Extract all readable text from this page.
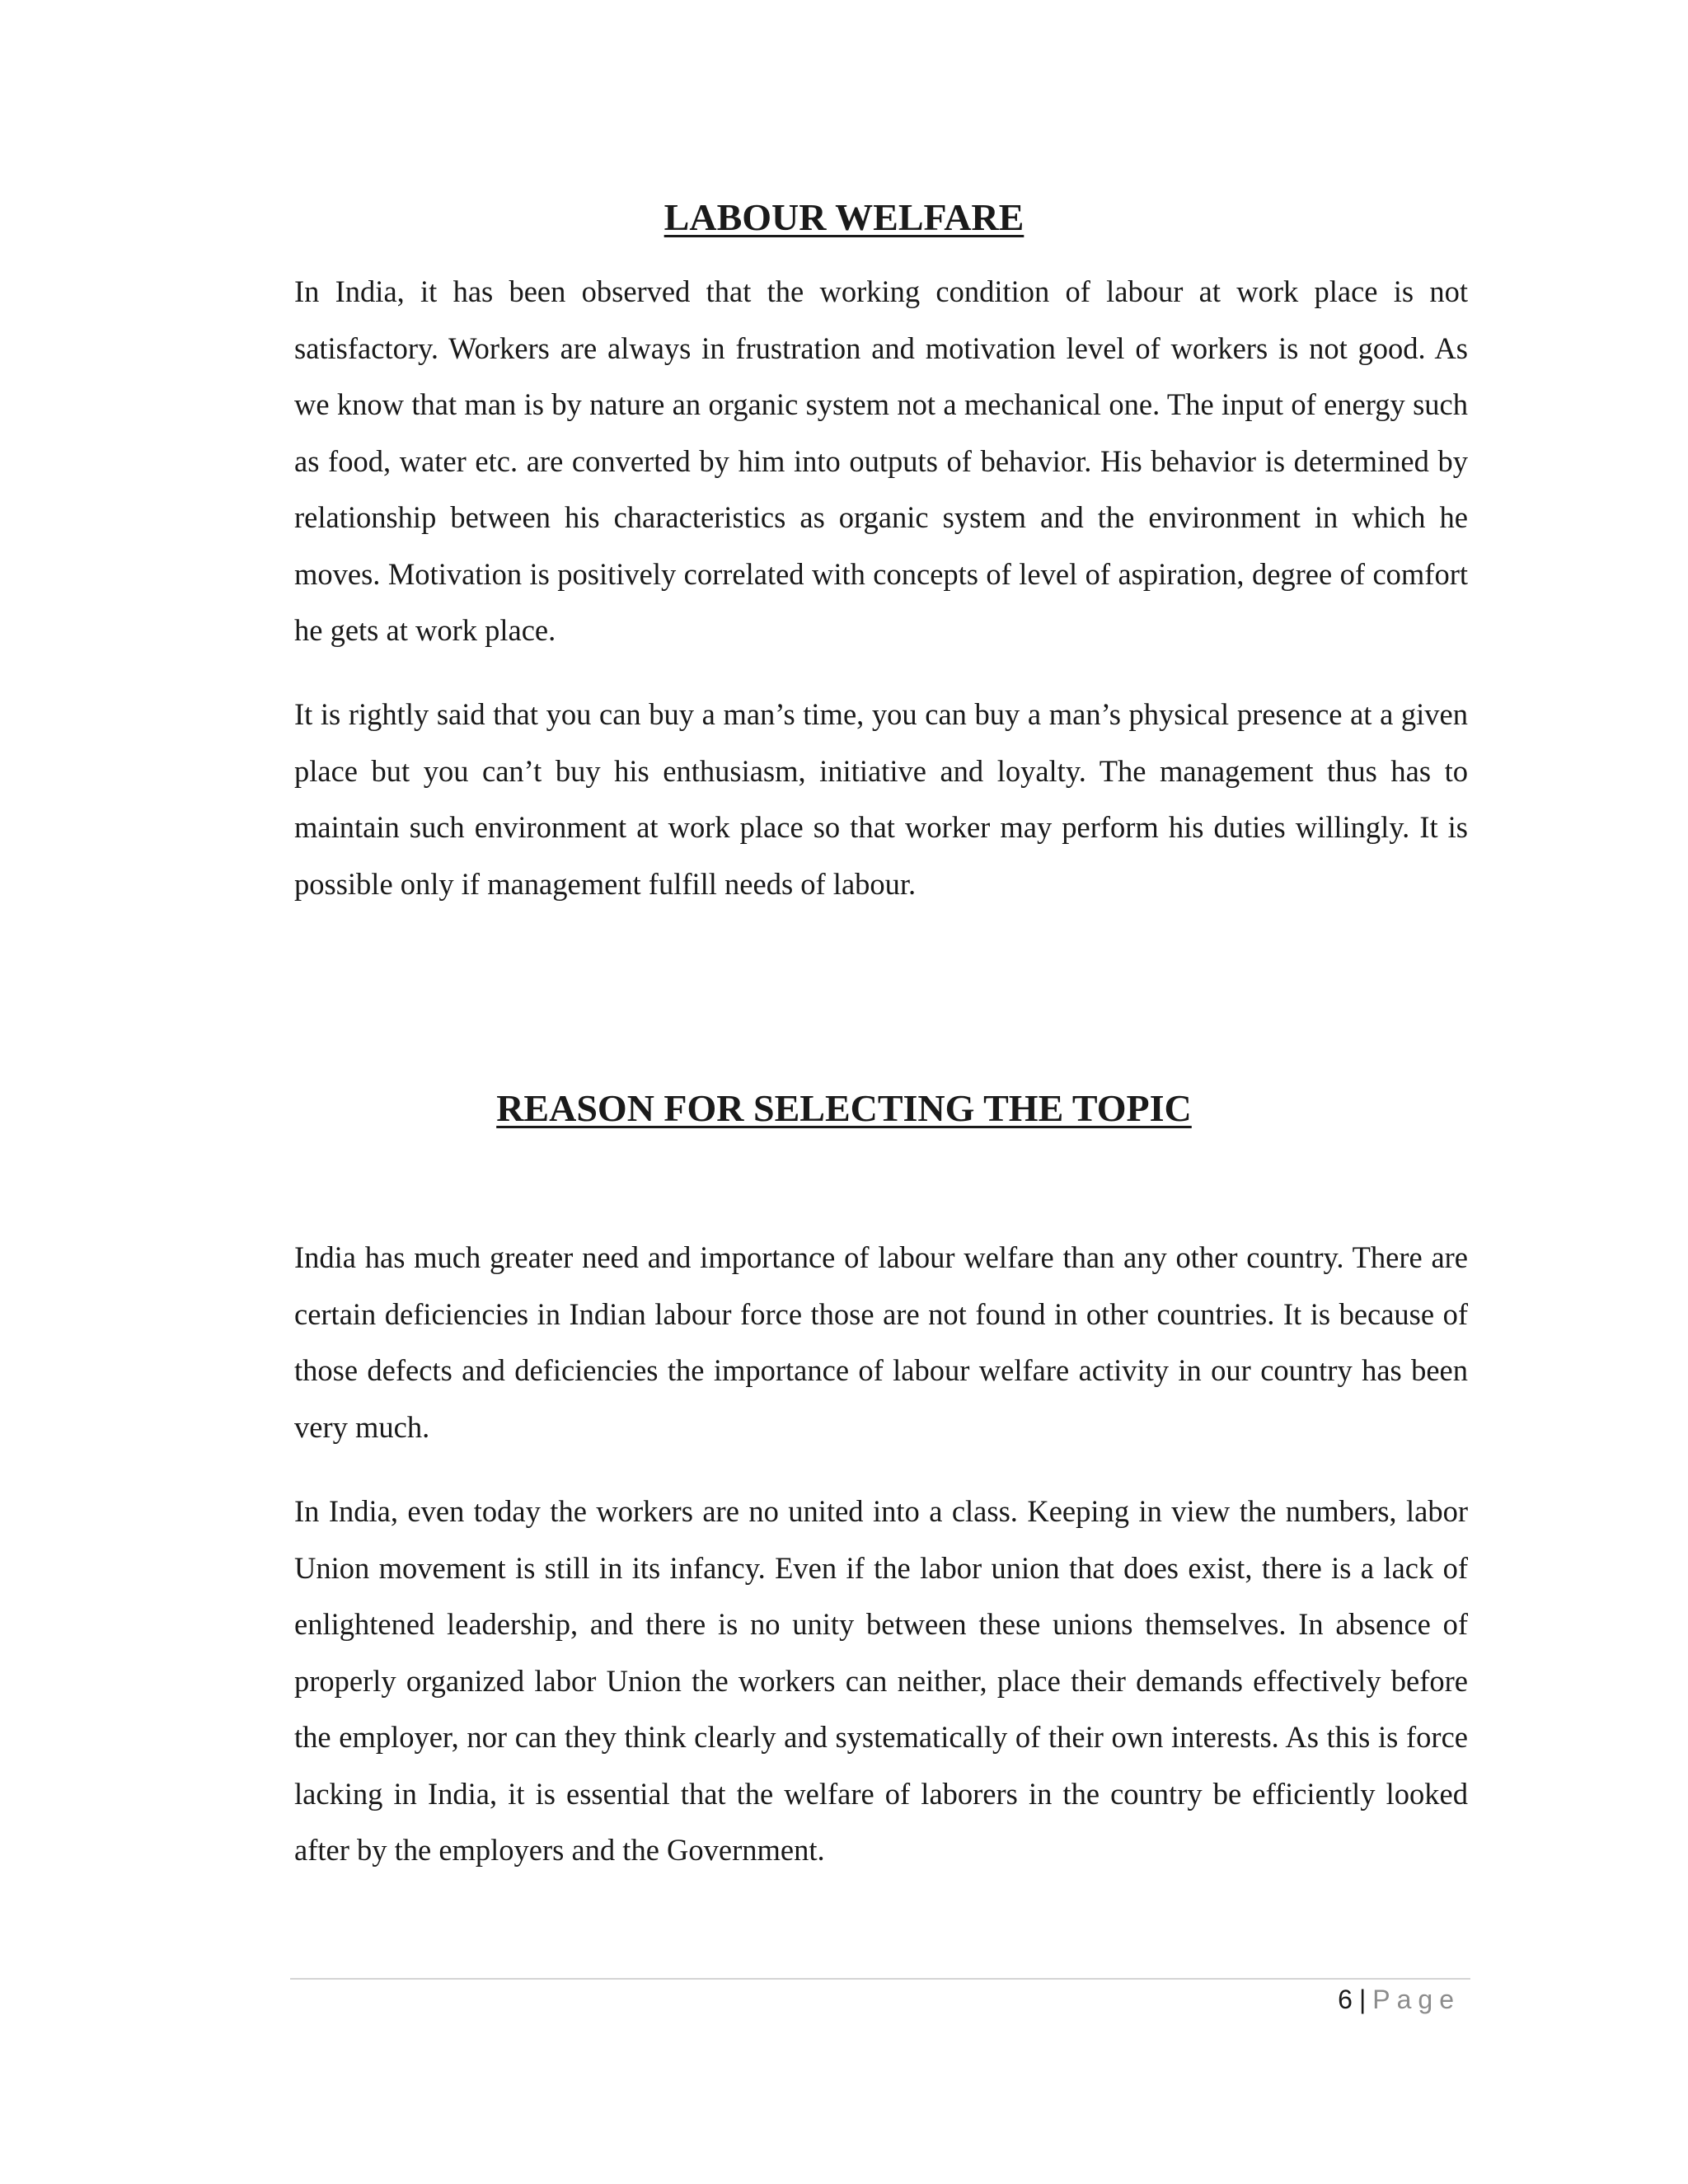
LABOUR WELFARE

In India, it has been observed that the working condition of labour at work place is not satisfactory. Workers are always in frustration and motivation level of workers is not good. As we know that man is by nature an organic system not a mechanical one. The input of energy such as food, water etc. are converted by him into outputs of behavior. His behavior is determined by relationship between his characteristics as organic system and the environment in which he moves. Motivation is positively correlated with concepts of level of aspiration, degree of comfort he gets at work place.

It is rightly said that you can buy a man’s time, you can buy a man’s physical presence at a given place but you can’t buy his enthusiasm, initiative and loyalty. The management thus has to maintain such environment at work place so that worker may perform his duties willingly. It is possible only if management fulfill needs of labour.

REASON FOR SELECTING THE TOPIC

India has much greater need and importance of labour welfare than any other country. There are certain deficiencies in Indian labour force those are not found in other countries. It is because of those defects and deficiencies the importance of labour welfare activity in our country has been very much.

In India, even today the workers are no united into a class. Keeping in view the numbers, labor Union movement is still in its infancy. Even if the labor union that does exist, there is a lack of enlightened leadership, and there is no unity between these unions themselves. In absence of properly organized labor Union the workers can neither, place their demands effectively before the employer, nor can they think clearly and systematically of their own interests. As this is force lacking in India, it is essential that the welfare of laborers in the country be efficiently looked after by the employers and the Government.

6 | Page
